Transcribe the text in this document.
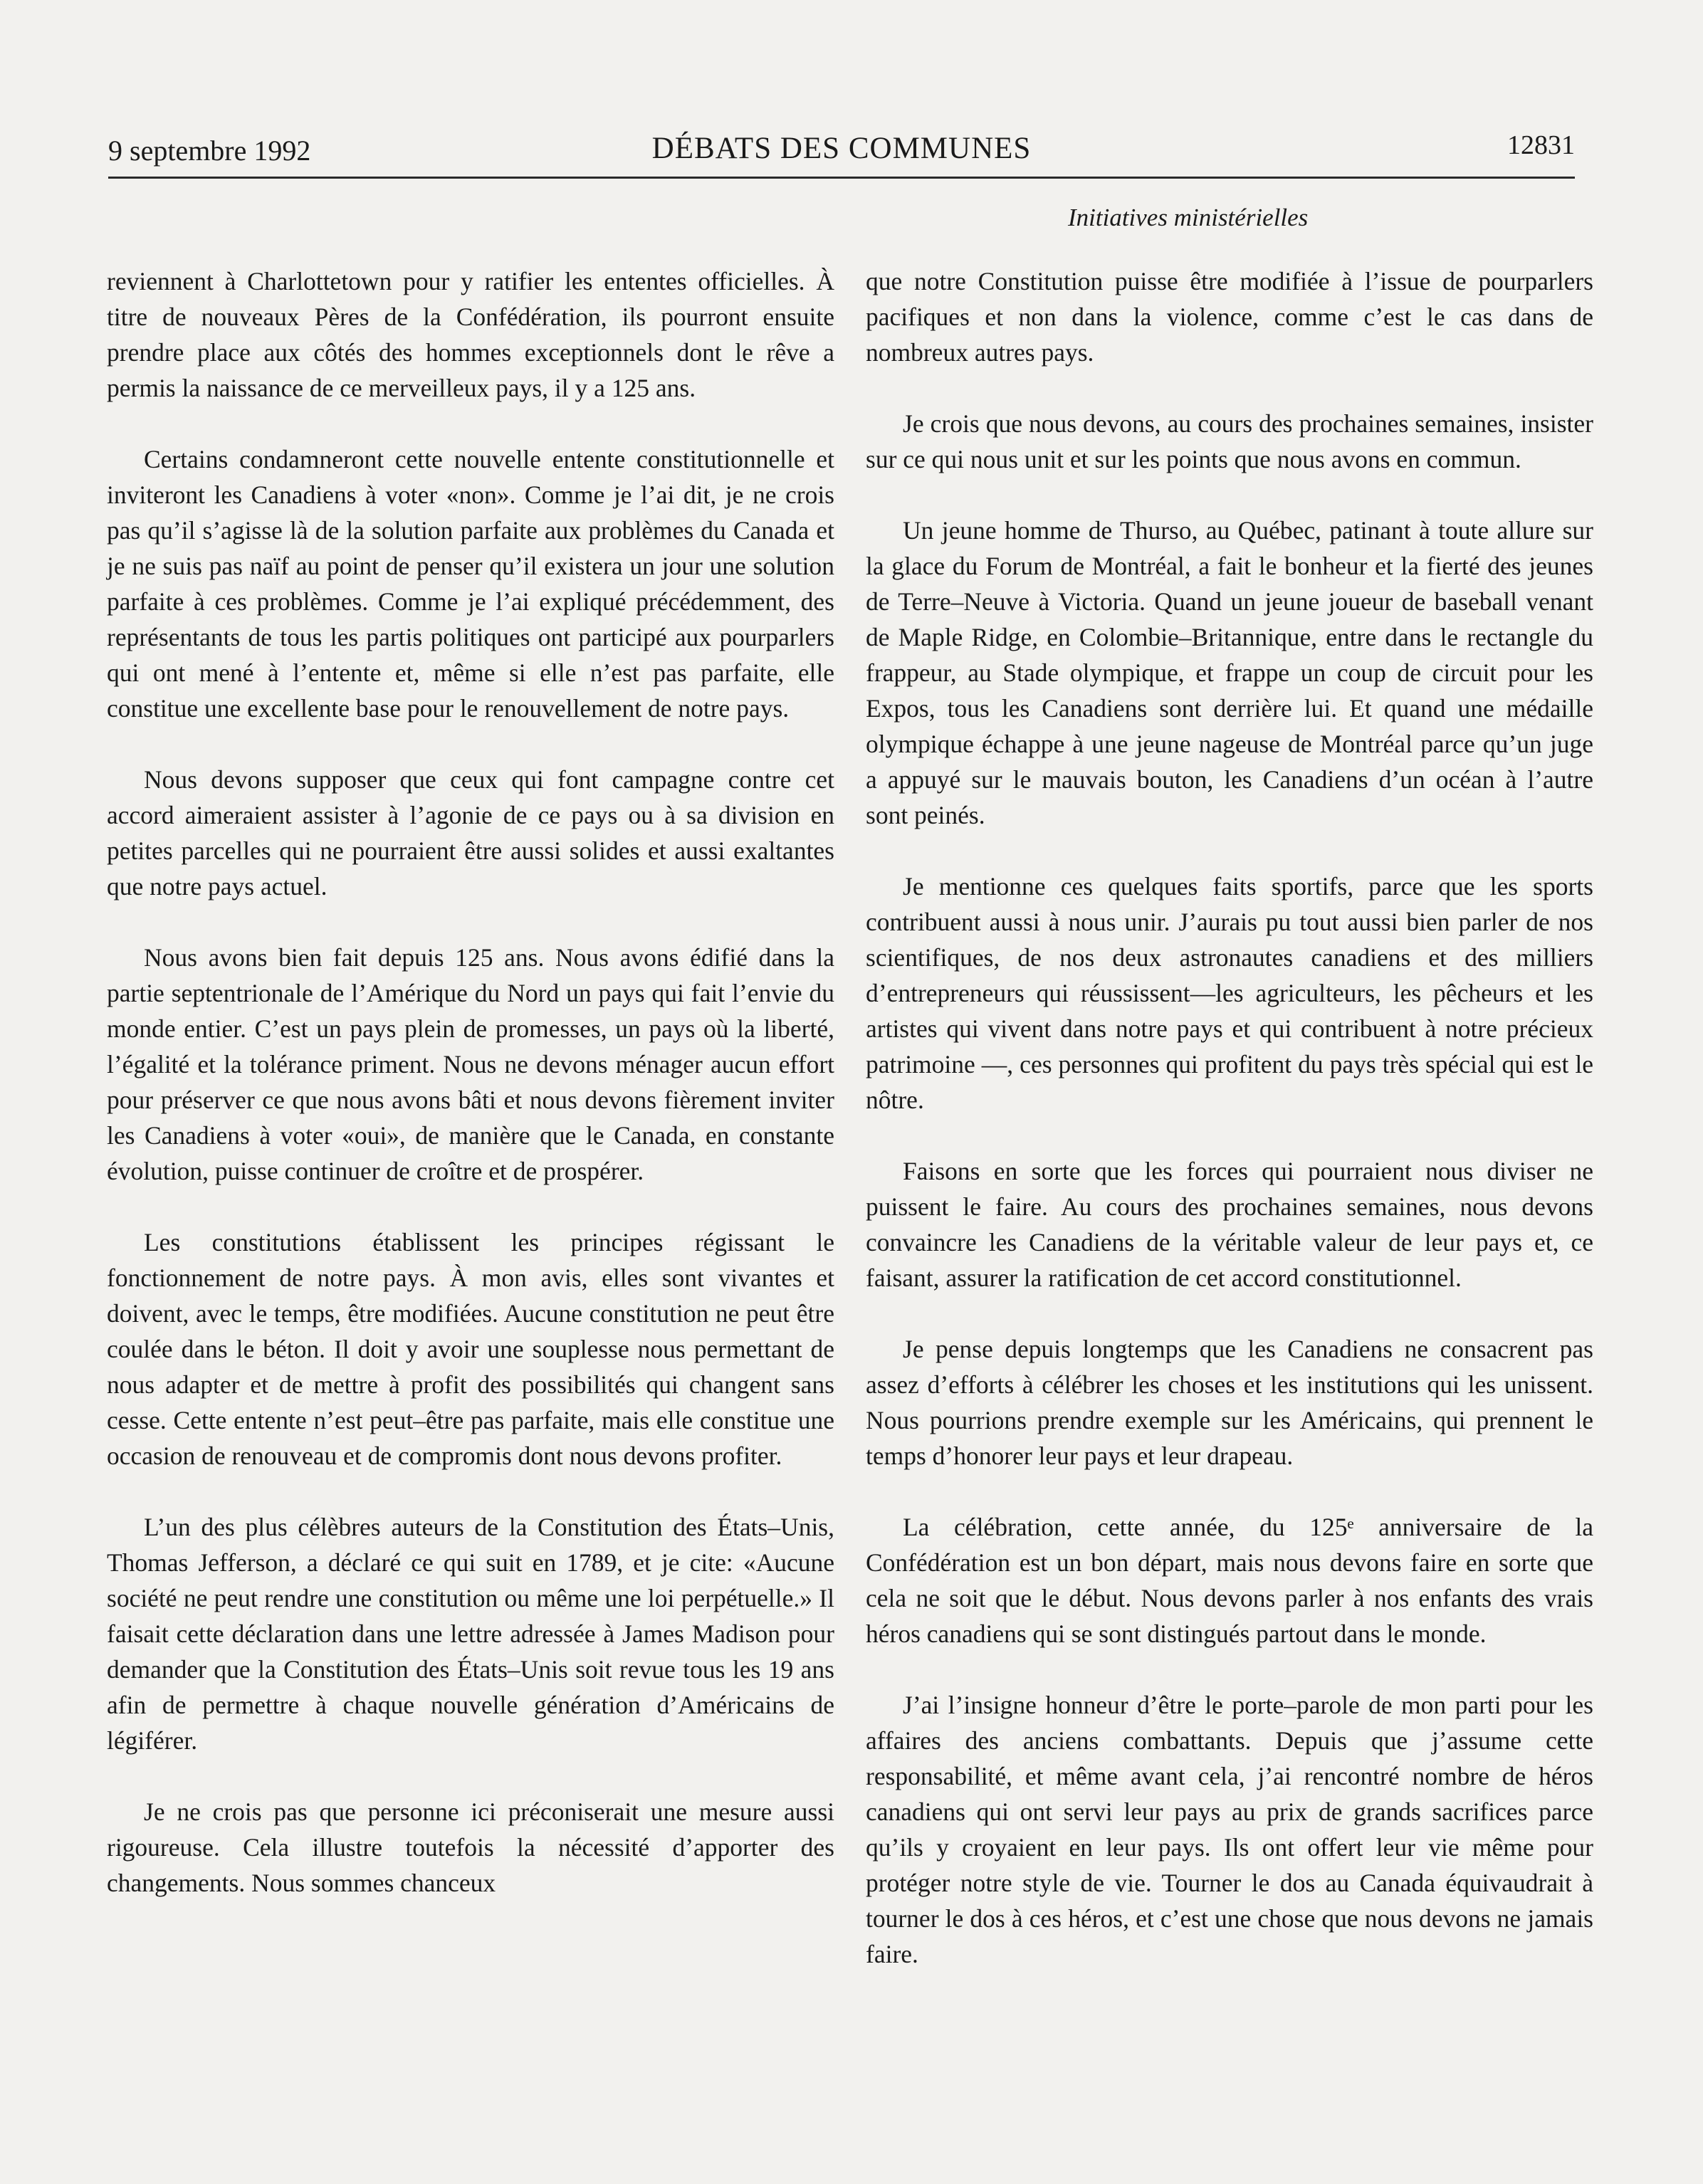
9 septembre 1992	DÉBATS DES COMMUNES	12831
Initiatives ministérielles

reviennent à Charlottetown pour y ratifier les ententes officielles. À titre de nouveaux Pères de la Confédération, ils pourront ensuite prendre place aux côtés des hommes exceptionnels dont le rêve a permis la naissance de ce merveilleux pays, il y a 125 ans.

Certains condamneront cette nouvelle entente constitutionnelle et inviteront les Canadiens à voter «non». Comme je l’ai dit, je ne crois pas qu’il s’agisse là de la solution parfaite aux problèmes du Canada et je ne suis pas naïf au point de penser qu’il existera un jour une solution parfaite à ces problèmes. Comme je l’ai expliqué précédemment, des représentants de tous les partis politiques ont participé aux pourparlers qui ont mené à l’entente et, même si elle n’est pas parfaite, elle constitue une excellente base pour le renouvellement de notre pays.

Nous devons supposer que ceux qui font campagne contre cet accord aimeraient assister à l’agonie de ce pays ou à sa division en petites parcelles qui ne pourraient être aussi solides et aussi exaltantes que notre pays actuel.

Nous avons bien fait depuis 125 ans. Nous avons édifié dans la partie septentrionale de l’Amérique du Nord un pays qui fait l’envie du monde entier. C’est un pays plein de promesses, un pays où la liberté, l’égalité et la tolérance priment. Nous ne devons ménager aucun effort pour préserver ce que nous avons bâti et nous devons fièrement inviter les Canadiens à voter «oui», de manière que le Canada, en constante évolution, puisse continuer de croître et de prospérer.

Les constitutions établissent les principes régissant le fonctionnement de notre pays. À mon avis, elles sont vivantes et doivent, avec le temps, être modifiées. Aucune constitution ne peut être coulée dans le béton. Il doit y avoir une souplesse nous permettant de nous adapter et de mettre à profit des possibilités qui changent sans cesse. Cette entente n’est peut–être pas parfaite, mais elle constitue une occasion de renouveau et de compromis dont nous devons profiter.

L’un des plus célèbres auteurs de la Constitution des États–Unis, Thomas Jefferson, a déclaré ce qui suit en 1789, et je cite: «Aucune société ne peut rendre une constitution ou même une loi perpétuelle.» Il faisait cette déclaration dans une lettre adressée à James Madison pour demander que la Constitution des États–Unis soit revue tous les 19 ans afin de permettre à chaque nouvelle génération d’Américains de légiférer.

Je ne crois pas que personne ici préconiserait une mesure aussi rigoureuse. Cela illustre toutefois la nécessité d’apporter des changements. Nous sommes chanceux

que notre Constitution puisse être modifiée à l’issue de pourparlers pacifiques et non dans la violence, comme c’est le cas dans de nombreux autres pays.

Je crois que nous devons, au cours des prochaines semaines, insister sur ce qui nous unit et sur les points que nous avons en commun.

Un jeune homme de Thurso, au Québec, patinant à toute allure sur la glace du Forum de Montréal, a fait le bonheur et la fierté des jeunes de Terre–Neuve à Victoria. Quand un jeune joueur de baseball venant de Maple Ridge, en Colombie–Britannique, entre dans le rectangle du frappeur, au Stade olympique, et frappe un coup de circuit pour les Expos, tous les Canadiens sont derrière lui. Et quand une médaille olympique échappe à une jeune nageuse de Montréal parce qu’un juge a appuyé sur le mauvais bouton, les Canadiens d’un océan à l’autre sont peinés.

Je mentionne ces quelques faits sportifs, parce que les sports contribuent aussi à nous unir. J’aurais pu tout aussi bien parler de nos scientifiques, de nos deux astronautes canadiens et des milliers d’entrepreneurs qui réussissent—les agriculteurs, les pêcheurs et les artistes qui vivent dans notre pays et qui contribuent à notre précieux patrimoine —, ces personnes qui profitent du pays très spécial qui est le nôtre.

Faisons en sorte que les forces qui pourraient nous diviser ne puissent le faire. Au cours des prochaines semaines, nous devons convaincre les Canadiens de la véritable valeur de leur pays et, ce faisant, assurer la ratification de cet accord constitutionnel.

Je pense depuis longtemps que les Canadiens ne consacrent pas assez d’efforts à célébrer les choses et les institutions qui les unissent. Nous pourrions prendre exemple sur les Américains, qui prennent le temps d’honorer leur pays et leur drapeau.

La célébration, cette année, du 125ᵉ anniversaire de la Confédération est un bon départ, mais nous devons faire en sorte que cela ne soit que le début. Nous devons parler à nos enfants des vrais héros canadiens qui se sont distingués partout dans le monde.

J’ai l’insigne honneur d’être le porte–parole de mon parti pour les affaires des anciens combattants. Depuis que j’assume cette responsabilité, et même avant cela, j’ai rencontré nombre de héros canadiens qui ont servi leur pays au prix de grands sacrifices parce qu’ils y croyaient en leur pays. Ils ont offert leur vie même pour protéger notre style de vie. Tourner le dos au Canada équivaudrait à tourner le dos à ces héros, et c’est une chose que nous devons ne jamais faire.
